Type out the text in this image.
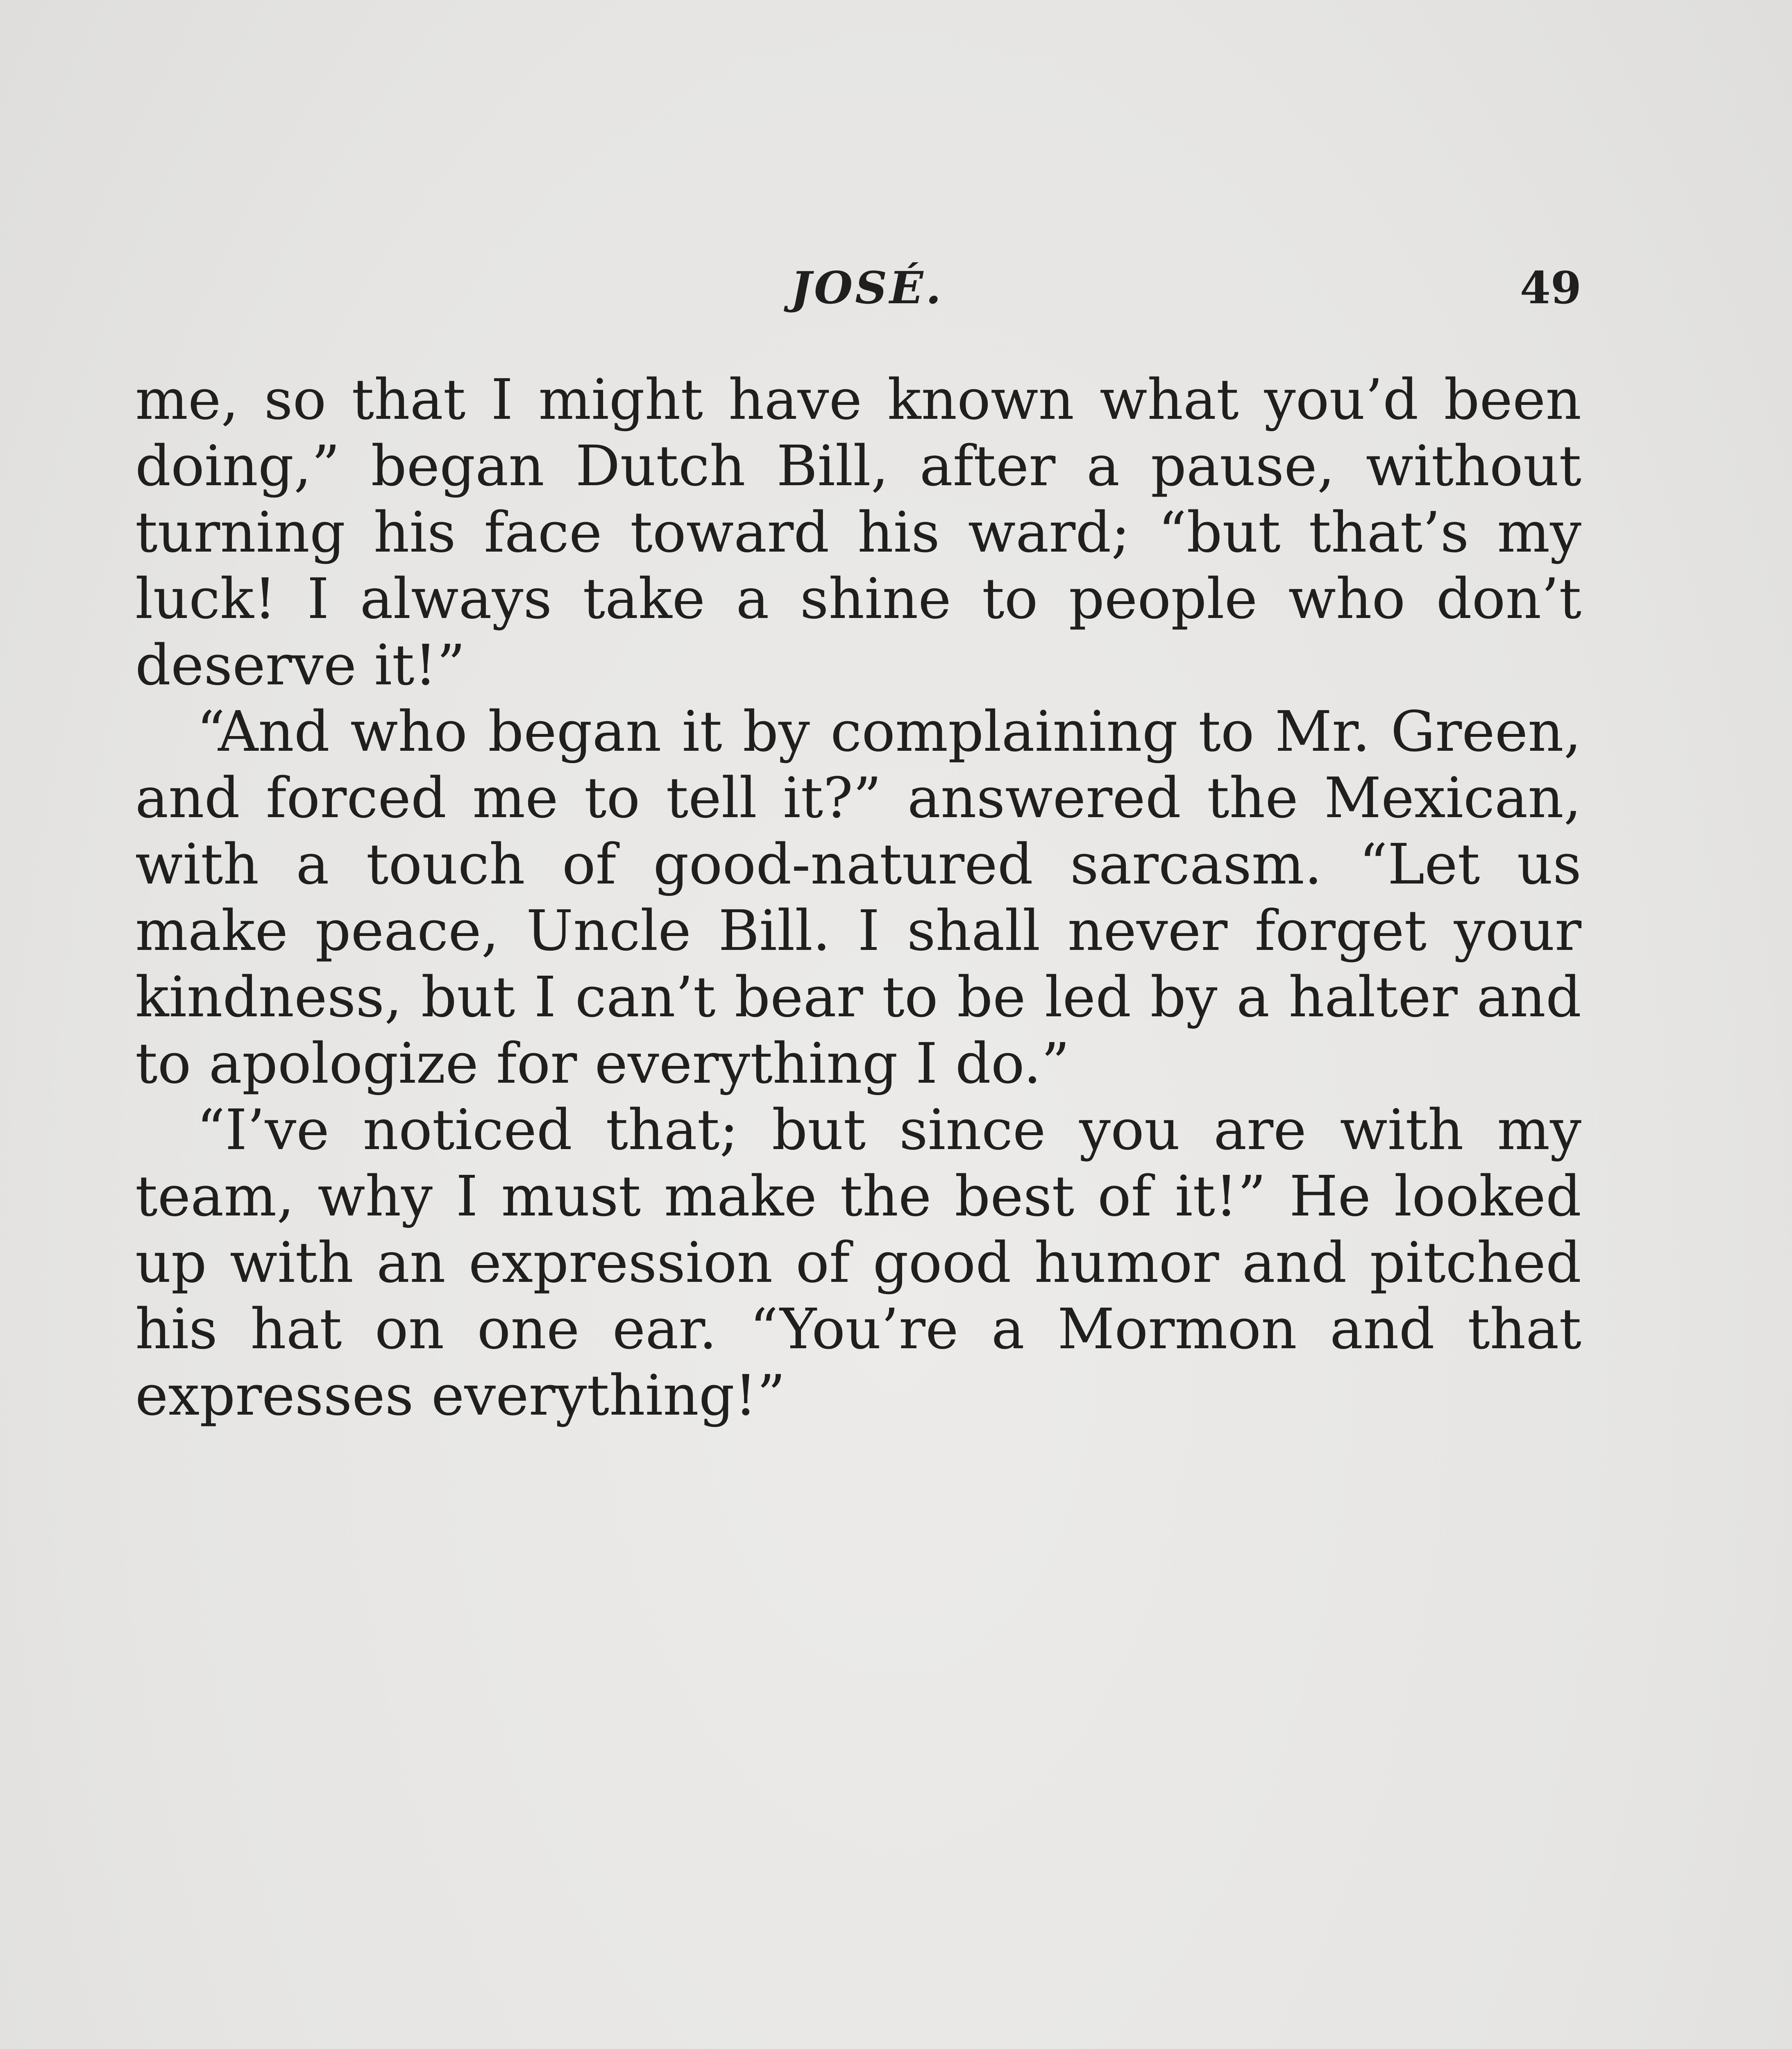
JOSÉ.	49

me, so that I might have known what you’d been doing,” began Dutch Bill, after a pause, without turning his face toward his ward; “but that’s my luck! I always take a shine to people who don’t deserve it!”

“And who began it by complaining to Mr. Green, and forced me to tell it?” answered the Mexican, with a touch of good-natured sarcasm. “Let us make peace, Uncle Bill. I shall never forget your kindness, but I can’t bear to be led by a halter and to apologize for everything I do.”

“I’ve noticed that; but since you are with my team, why I must make the best of it!” He looked up with an expression of good humor and pitched his hat on one ear. “You’re a Mormon and that expresses everything!”
